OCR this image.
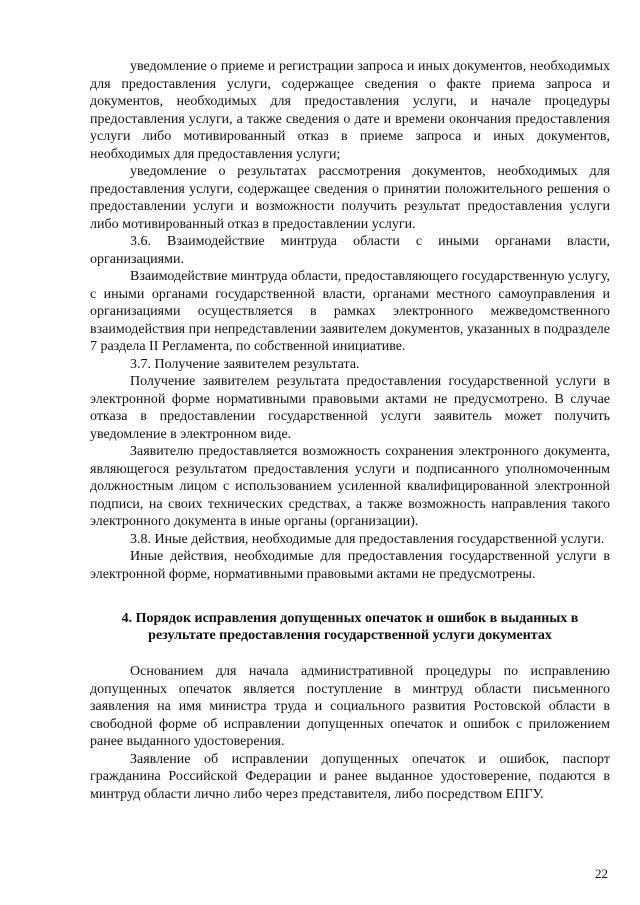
уведомление о приеме и регистрации запроса и иных документов, необходимых для предоставления услуги, содержащее сведения о факте приема запроса и документов, необходимых для предоставления услуги, и начале процедуры предоставления услуги, а также сведения о дате и времени окончания предоставления услуги либо мотивированный отказ в приеме запроса и иных документов, необходимых для предоставления услуги;

уведомление о результатах рассмотрения документов, необходимых для предоставления услуги, содержащее сведения о принятии положительного решения о предоставлении услуги и возможности получить результат предоставления услуги либо мотивированный отказ в предоставлении услуги.

3.6. Взаимодействие минтруда области с иными органами власти, организациями.

Взаимодействие минтруда области, предоставляющего государственную услугу, с иными органами государственной власти, органами местного самоуправления и организациями осуществляется в рамках электронного межведомственного взаимодействия при непредставлении заявителем документов, указанных в подразделе 7 раздела II Регламента, по собственной инициативе.

3.7. Получение заявителем результата.

Получение заявителем результата предоставления государственной услуги в электронной форме нормативными правовыми актами не предусмотрено. В случае отказа в предоставлении государственной услуги заявитель может получить уведомление в электронном виде.

Заявителю предоставляется возможность сохранения электронного документа, являющегося результатом предоставления услуги и подписанного уполномоченным должностным лицом с использованием усиленной квалифицированной электронной подписи, на своих технических средствах, а также возможность направления такого электронного документа в иные органы (организации).

3.8. Иные действия, необходимые для предоставления государственной услуги.

Иные действия, необходимые для предоставления государственной услуги в электронной форме, нормативными правовыми актами не предусмотрены.

4. Порядок исправления допущенных опечаток и ошибок в выданных в результате предоставления государственной услуги документах

Основанием для начала административной процедуры по исправлению допущенных опечаток является поступление в минтруд области письменного заявления на имя министра труда и социального развития Ростовской области в свободной форме об исправлении допущенных опечаток и ошибок с приложением ранее выданного удостоверения.

Заявление об исправлении допущенных опечаток и ошибок, паспорт гражданина Российской Федерации и ранее выданное удостоверение, подаются в минтруд области лично либо через представителя, либо посредством ЕПГУ.

22
